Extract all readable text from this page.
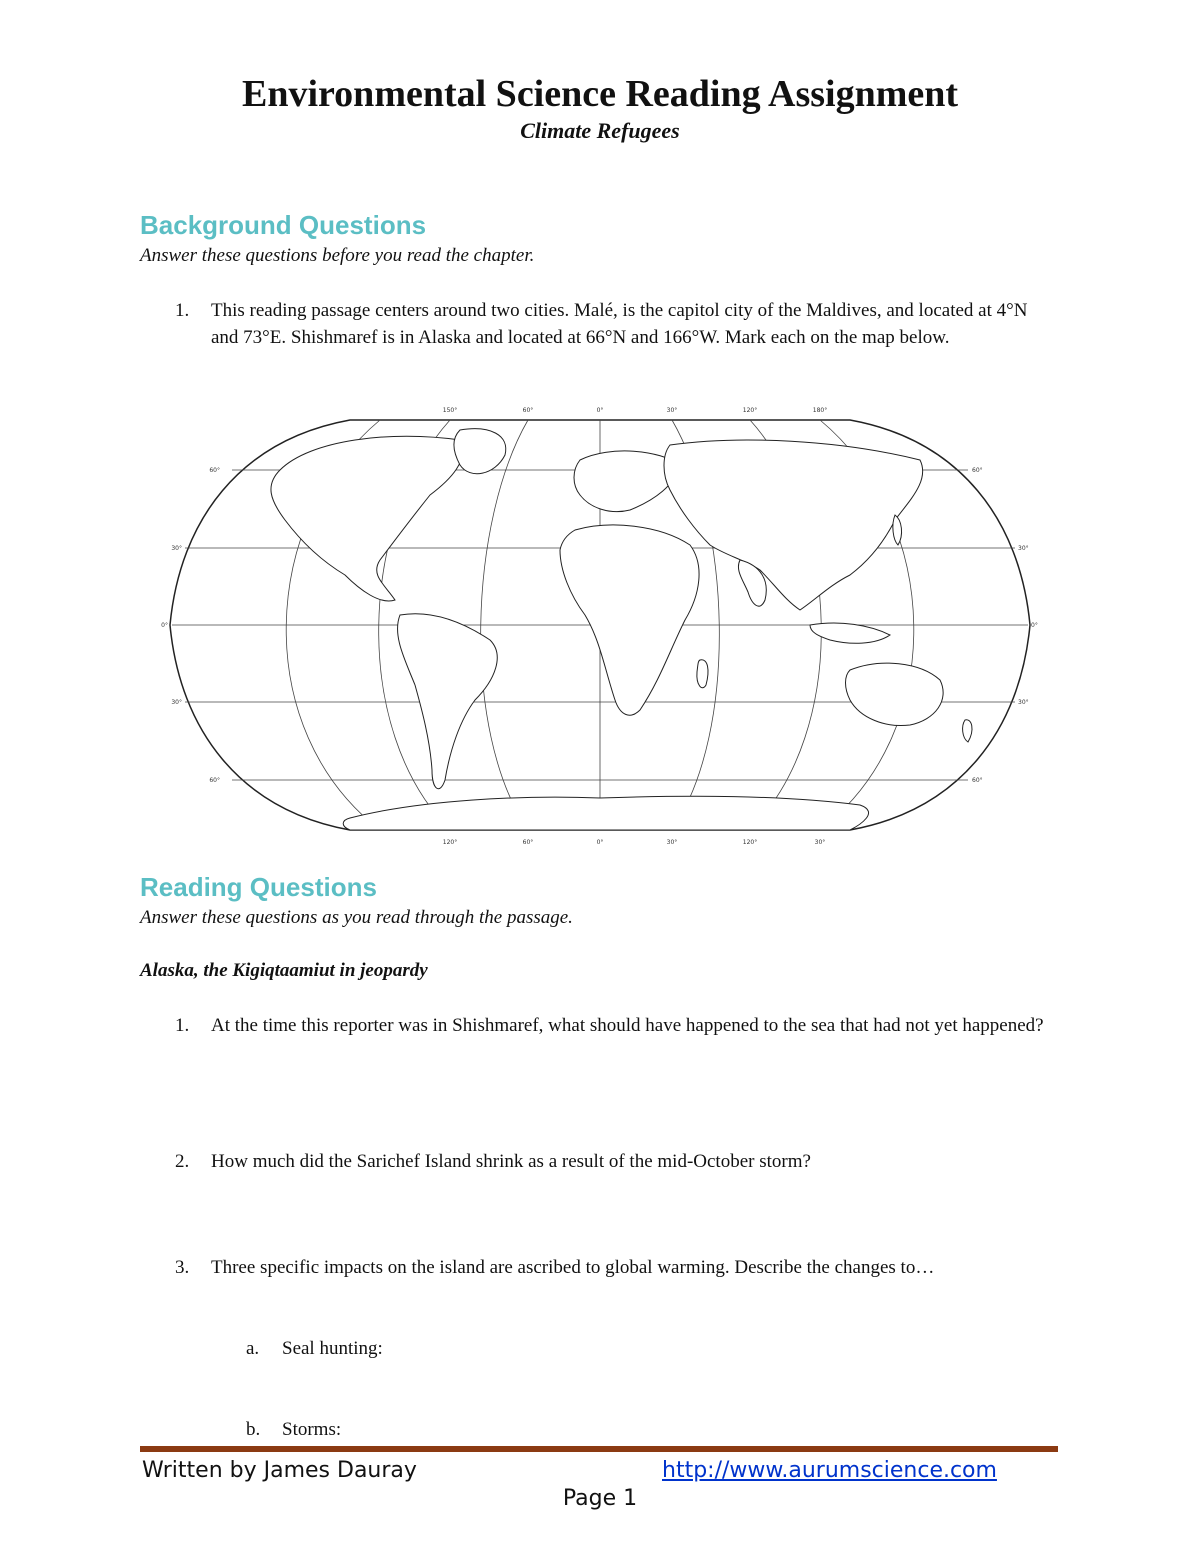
Environmental Science Reading Assignment
Climate Refugees
Background Questions
Answer these questions before you read the chapter.
1. This reading passage centers around two cities. Malé, is the capitol city of the Maldives, and located at 4°N and 73°E. Shishmaref is in Alaska and located at 66°N and 166°W. Mark each on the map below.
150°	60°	0°	30°	120°	180°
120°	60°	0°	30°	120°	30°
60°
30°
0°
30°
60°
60°
30°
0°
30°
60°
Reading Questions
Answer these questions as you read through the passage.
Alaska, the Kigiqtaamiut in jeopardy
1. At the time this reporter was in Shishmaref, what should have happened to the sea that had not yet happened?
2. How much did the Sarichef Island shrink as a result of the mid-October storm?
3. Three specific impacts on the island are ascribed to global warming. Describe the changes to…
a. Seal hunting:
b. Storms:
Written by James Dauray	http://www.aurumscience.com
Page 1
